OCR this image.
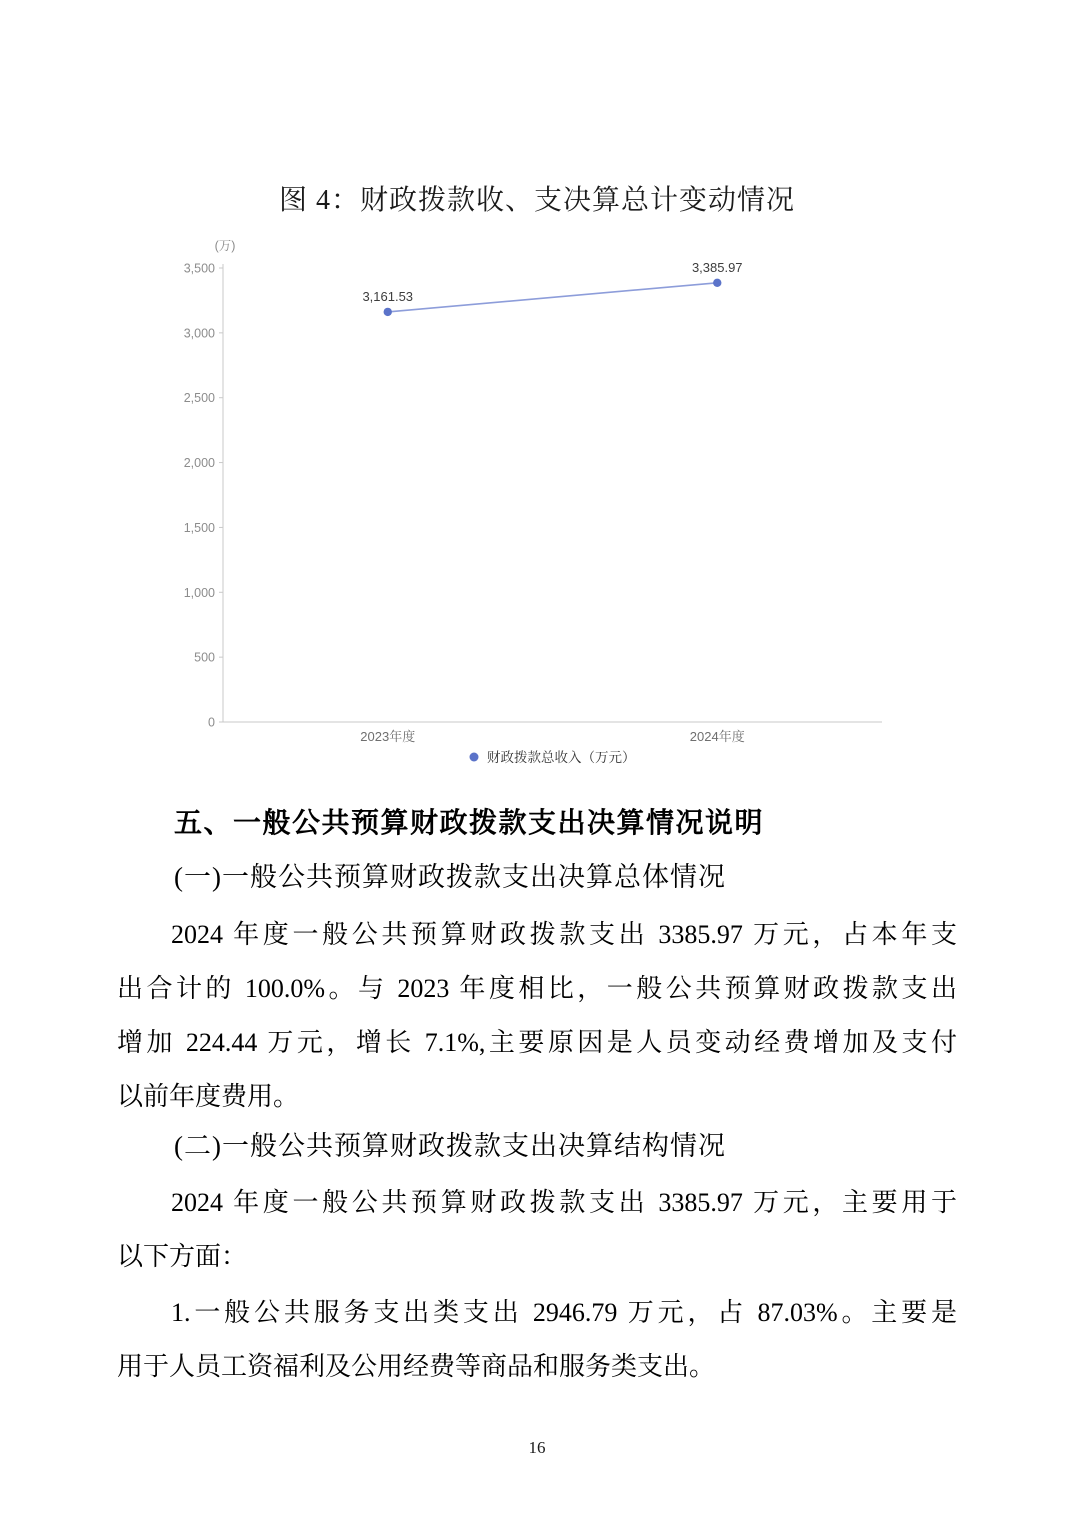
图 4：财政拨款收、支决算总计变动情况
(万)
3,500
3,000
2,500
2,000
1,500
1,000
500
0
3,161.53
3,385.97
2023年度	2024年度
财政拨款总收入（万元）
五、一般公共预算财政拨款支出决算情况说明
(一)一般公共预算财政拨款支出决算总体情况
2024 年度一般公共预算财政拨款支出 3385.97 万元，占本年支
出合计的 100.0%。与 2023 年度相比，一般公共预算财政拨款支出
增加 224.44 万元，增长 7.1%,主要原因是人员变动经费增加及支付
以前年度费用。
(二)一般公共预算财政拨款支出决算结构情况
2024 年度一般公共预算财政拨款支出 3385.97 万元，主要用于
以下方面：
1.一般公共服务支出类支出 2946.79 万元，占 87.03%。主要是
用于人员工资福利及公用经费等商品和服务类支出。
16
